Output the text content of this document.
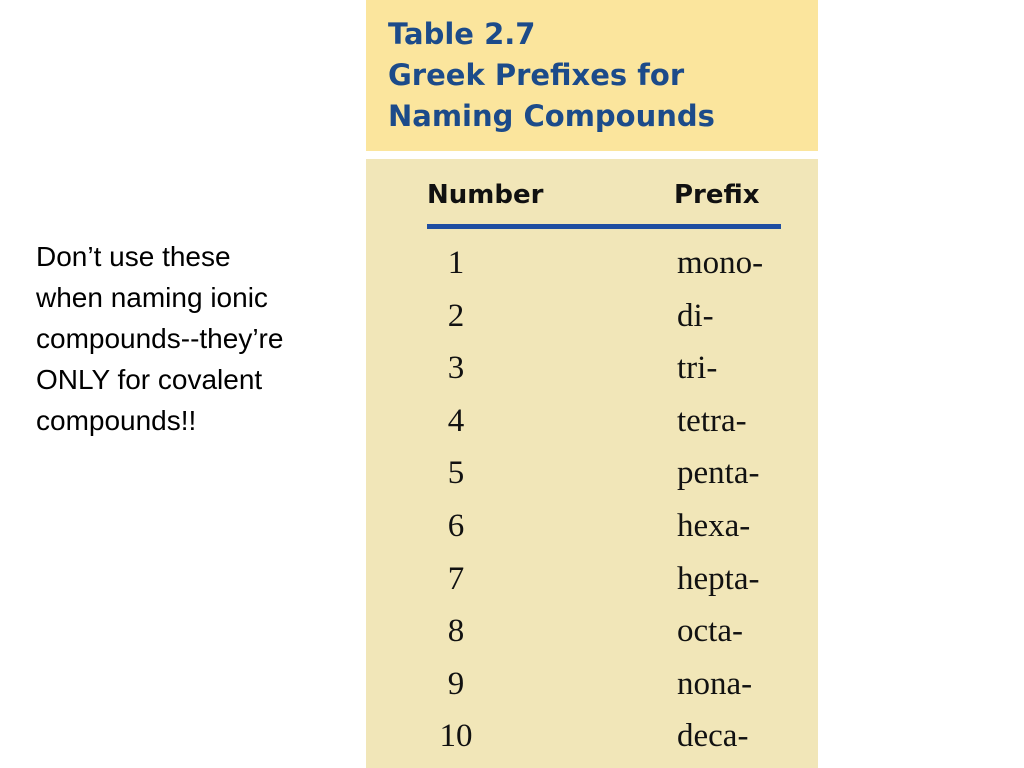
Don’t use these
when naming ionic
compounds--they’re
ONLY for covalent
compounds!!
Table 2.7
Greek Prefixes for
Naming Compounds
Number	Prefix
1	mono-
2	di-
3	tri-
4	tetra-
5	penta-
6	hexa-
7	hepta-
8	octa-
9	nona-
10	deca-
